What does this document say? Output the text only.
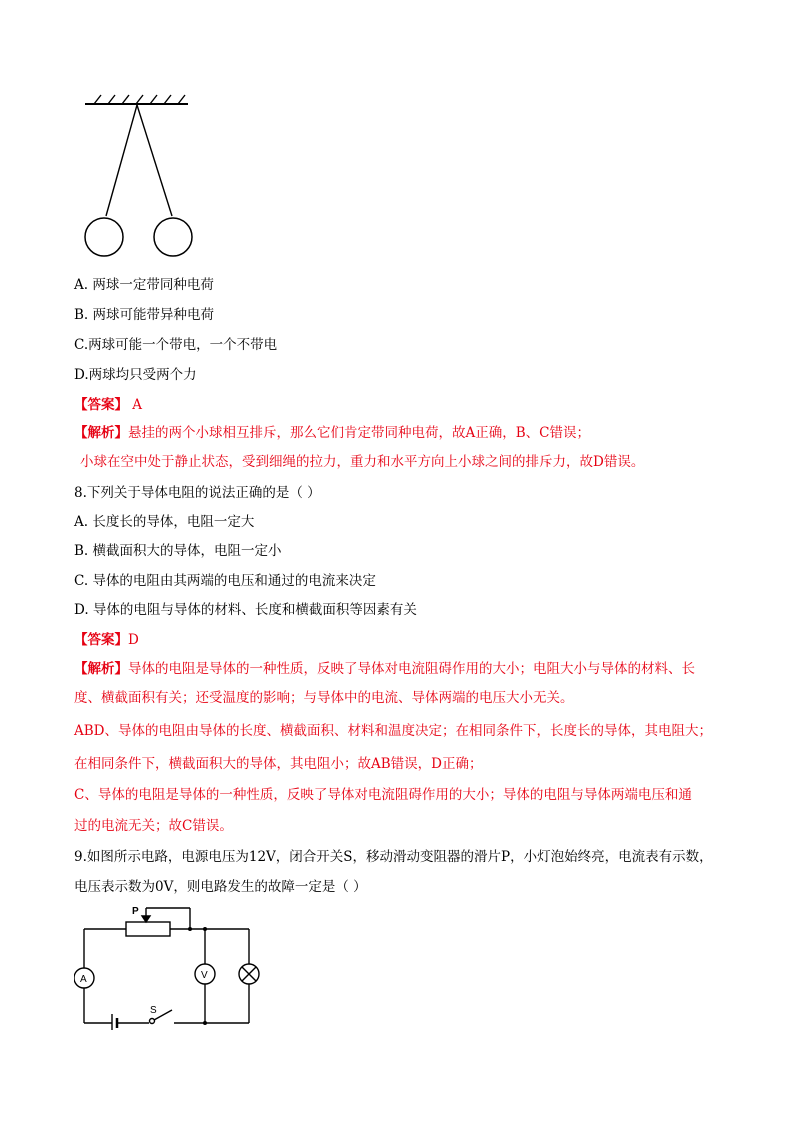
A. 两球一定带同种电荷
B. 两球可能带异种电荷
C.两球可能一个带电，一个不带电
D.两球均只受两个力
【答案】 A
【解析】悬挂的两个小球相互排斥，那么它们肯定带同种电荷，故A正确，B、C错误；
小球在空中处于静止状态，受到细绳的拉力，重力和水平方向上小球之间的排斥力，故D错误。
8.下列关于导体电阻的说法正确的是（ ）
A. 长度长的导体，电阻一定大
B. 横截面积大的导体，电阻一定小
C. 导体的电阻由其两端的电压和通过的电流来决定
D. 导体的电阻与导体的材料、长度和横截面积等因素有关
【答案】D
【解析】导体的电阻是导体的一种性质，反映了导体对电流阻碍作用的大小；电阻大小与导体的材料、长
度、横截面积有关；还受温度的影响；与导体中的电流、导体两端的电压大小无关。
ABD、导体的电阻由导体的长度、横截面积、材料和温度决定；在相同条件下，长度长的导体，其电阻大；
在相同条件下，横截面积大的导体，其电阻小；故AB错误，D正确；
C、导体的电阻是导体的一种性质，反映了导体对电流阻碍作用的大小；导体的电阻与导体两端电压和通
过的电流无关；故C错误。
9.如图所示电路，电源电压为12V，闭合开关S，移动滑动变阻器的滑片P，小灯泡始终亮，电流表有示数，
电压表示数为0V，则电路发生的故障一定是（ ）
P
A	V
S
